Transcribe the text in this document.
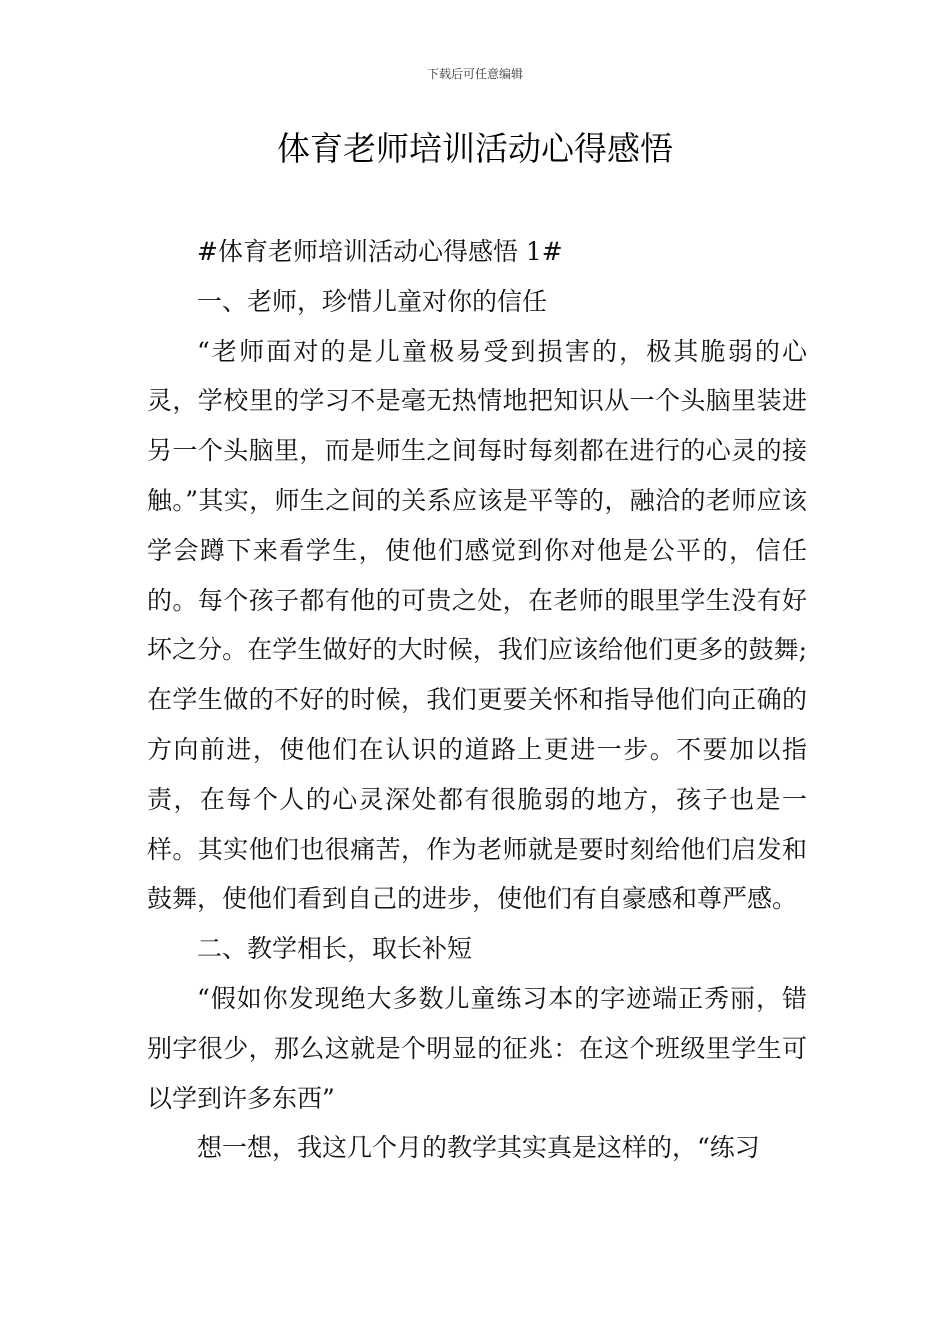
下载后可任意编辑
体育老师培训活动心得感悟

#体育老师培训活动心得感悟 1#

一、老师，珍惜儿童对你的信任

“老师面对的是儿童极易受到损害的，极其脆弱的心灵，学校里的学习不是毫无热情地把知识从一个头脑里装进另一个头脑里，而是师生之间每时每刻都在进行的心灵的接触。”其实，师生之间的关系应该是平等的，融洽的老师应该学会蹲下来看学生，使他们感觉到你对他是公平的，信任的。每个孩子都有他的可贵之处，在老师的眼里学生没有好坏之分。在学生做好的大时候，我们应该给他们更多的鼓舞;在学生做的不好的时候，我们更要关怀和指导他们向正确的方向前进，使他们在认识的道路上更进一步。不要加以指责，在每个人的心灵深处都有很脆弱的地方，孩子也是一样。其实他们也很痛苦，作为老师就是要时刻给他们启发和鼓舞，使他们看到自己的进步，使他们有自豪感和尊严感。

二、教学相长，取长补短

“假如你发现绝大多数儿童练习本的字迹端正秀丽，错别字很少，那么这就是个明显的征兆：在这个班级里学生可以学到许多东西”

想一想，我这几个月的教学其实真是这样的，“练习
